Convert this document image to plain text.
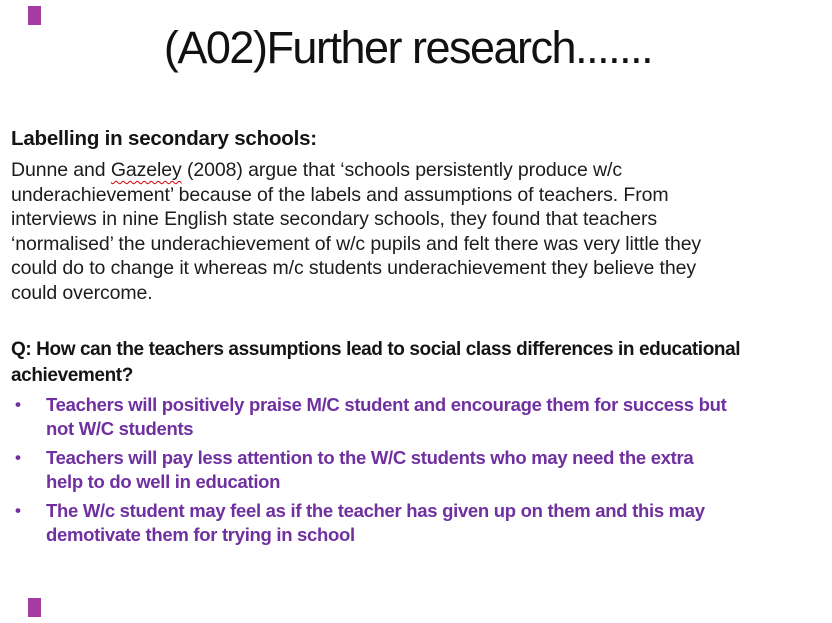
(A02)Further research.......
Labelling in secondary schools:
Dunne and Gazeley (2008) argue that ‘schools persistently produce w/c
underachievement’ because of the labels and assumptions of teachers. From
interviews in nine English state secondary schools, they found that teachers
‘normalised’ the underachievement of w/c pupils and felt there was very little they
could do to change it whereas m/c students underachievement they believe they
could overcome.
Q: How can the teachers assumptions lead to social class differences in educational
achievement?
• Teachers will positively praise M/C student and encourage them for success but
not W/C students
• Teachers will pay less attention to the W/C students who may need the extra
help to do well in education
• The W/c student may feel as if the teacher has given up on them and this may
demotivate them for trying in school
